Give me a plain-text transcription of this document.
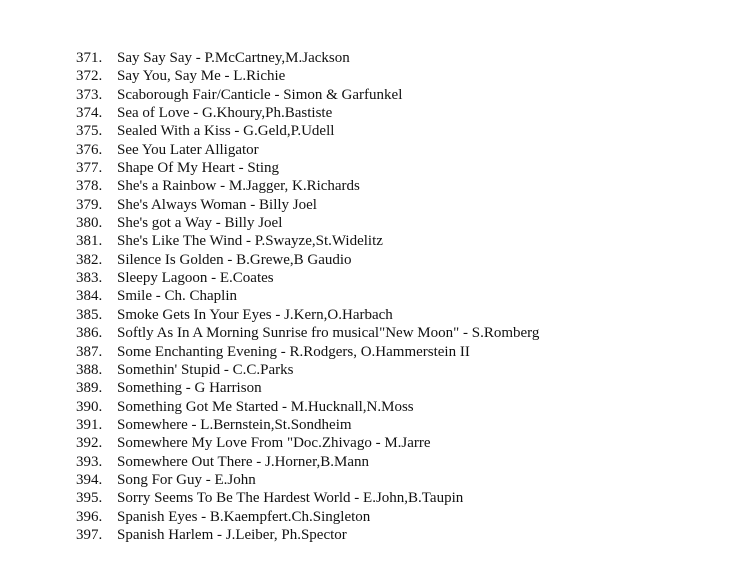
371. Say Say Say - P.McCartney,M.Jackson
372. Say You, Say Me - L.Richie
373. Scaborough Fair/Canticle - Simon & Garfunkel
374. Sea of Love - G.Khoury,Ph.Bastiste
375. Sealed With a Kiss - G.Geld,P.Udell
376. See You Later Alligator
377. Shape Of My Heart - Sting
378. She's a Rainbow - M.Jagger, K.Richards
379. She's Always Woman - Billy Joel
380. She's got a Way - Billy Joel
381. She's Like The Wind - P.Swayze,St.Widelitz
382. Silence Is Golden - B.Grewe,B Gaudio
383. Sleepy Lagoon - E.Coates
384. Smile - Ch. Chaplin
385. Smoke Gets In Your Eyes - J.Kern,O.Harbach
386. Softly As In A Morning Sunrise fro musical"New Moon" - S.Romberg
387. Some Enchanting Evening - R.Rodgers, O.Hammerstein II
388. Somethin' Stupid - C.C.Parks
389. Something - G Harrison
390. Something Got Me Started - M.Hucknall,N.Moss
391. Somewhere - L.Bernstein,St.Sondheim
392. Somewhere My Love From "Doc.Zhivago - M.Jarre
393. Somewhere Out There - J.Horner,B.Mann
394. Song For Guy - E.John
395. Sorry Seems To Be The Hardest World - E.John,B.Taupin
396. Spanish Eyes - B.Kaempfert.Ch.Singleton
397. Spanish Harlem - J.Leiber, Ph.Spector
